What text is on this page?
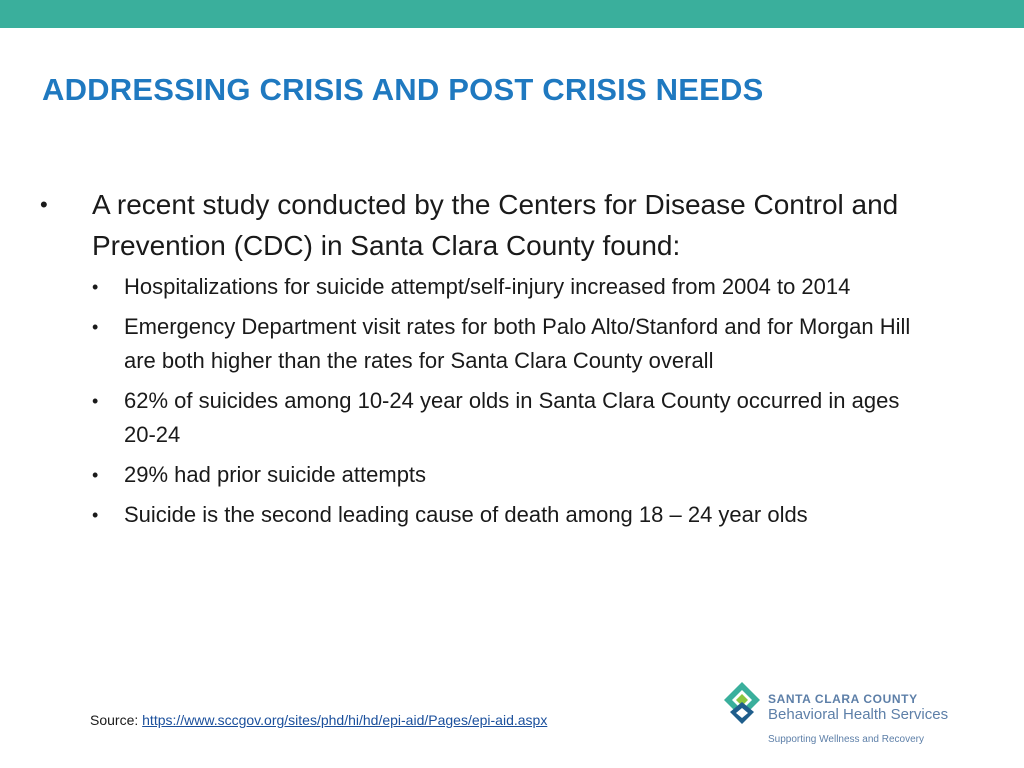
ADDRESSING CRISIS AND POST CRISIS NEEDS
• A recent study conducted by the Centers for Disease Control and Prevention (CDC) in Santa Clara County found:
• Hospitalizations for suicide attempt/self-injury increased from 2004 to 2014
• Emergency Department visit rates for both Palo Alto/Stanford and for Morgan Hill are both higher than the rates for Santa Clara County overall
• 62% of suicides among 10-24 year olds in Santa Clara County occurred in ages 20-24
• 29% had prior suicide attempts
• Suicide is the second leading cause of death among 18 – 24 year olds
Source: https://www.sccgov.org/sites/phd/hi/hd/epi-aid/Pages/epi-aid.aspx
SANTA CLARA COUNTY
Behavioral Health Services
Supporting Wellness and Recovery
